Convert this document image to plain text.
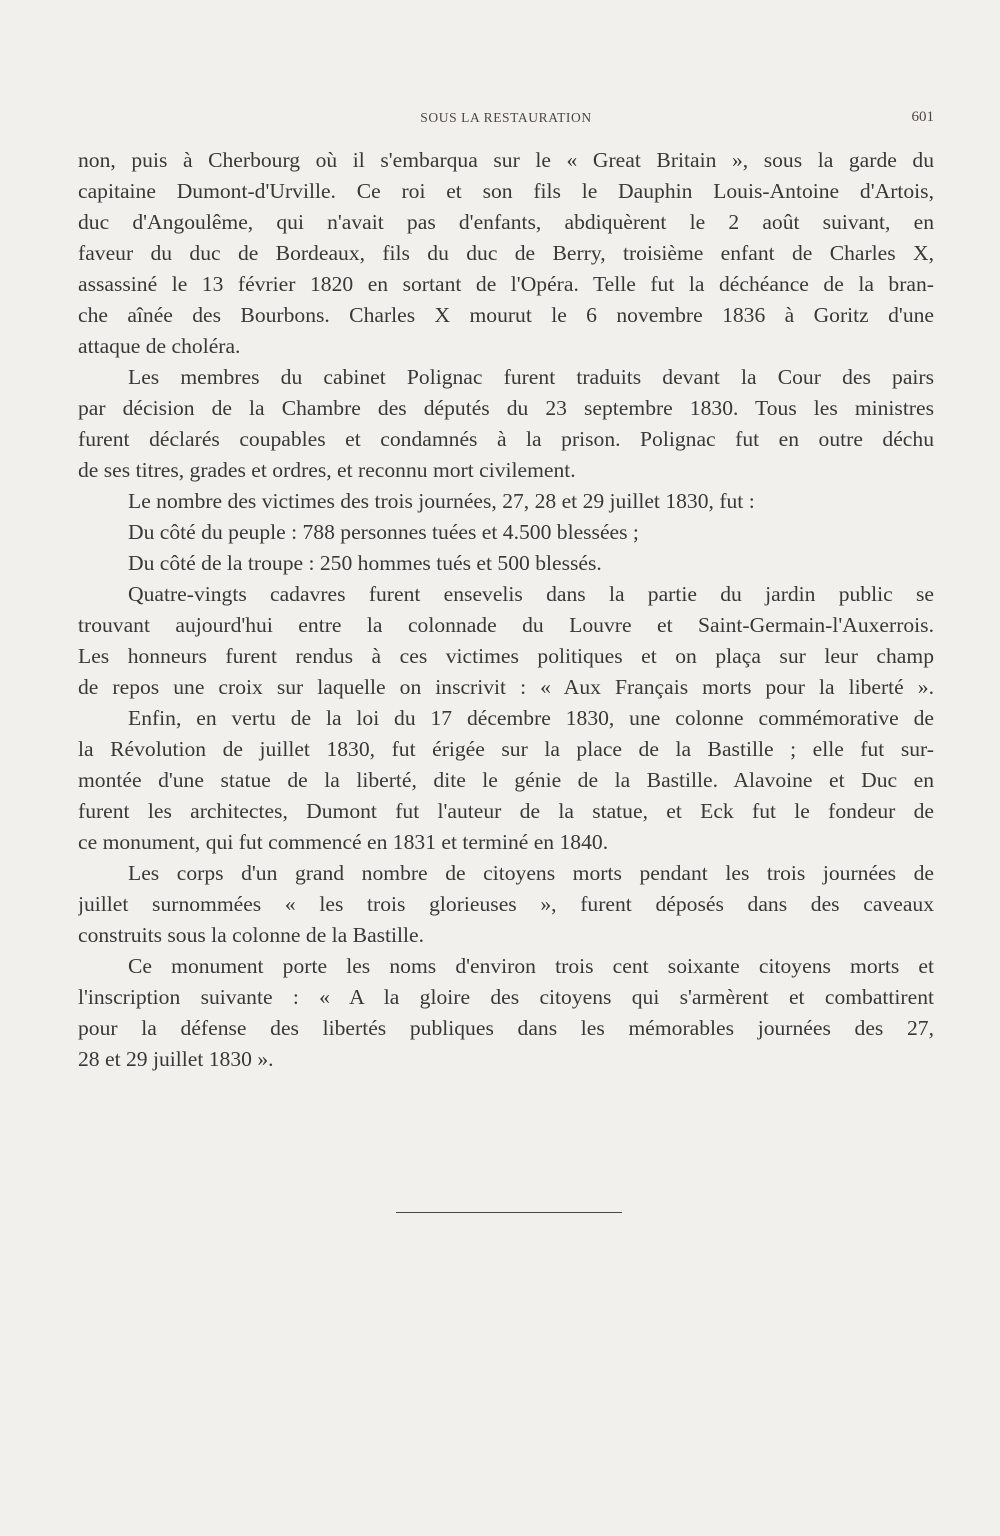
SOUS LA RESTAURATION	601
non, puis à Cherbourg où il s'embarqua sur le « Great Britain », sous la garde du
capitaine Dumont-d'Urville. Ce roi et son fils le Dauphin Louis-Antoine d'Artois,
duc d'Angoulême, qui n'avait pas d'enfants, abdiquèrent le 2 août suivant, en
faveur du duc de Bordeaux, fils du duc de Berry, troisième enfant de Charles X,
assassiné le 13 février 1820 en sortant de l'Opéra. Telle fut la déchéance de la bran-
che aînée des Bourbons. Charles X mourut le 6 novembre 1836 à Goritz d'une
attaque de choléra.
Les membres du cabinet Polignac furent traduits devant la Cour des pairs
par décision de la Chambre des députés du 23 septembre 1830. Tous les ministres
furent déclarés coupables et condamnés à la prison. Polignac fut en outre déchu
de ses titres, grades et ordres, et reconnu mort civilement.
Le nombre des victimes des trois journées, 27, 28 et 29 juillet 1830, fut :
Du côté du peuple : 788 personnes tuées et 4.500 blessées ;
Du côté de la troupe : 250 hommes tués et 500 blessés.
Quatre-vingts cadavres furent ensevelis dans la partie du jardin public se
trouvant aujourd'hui entre la colonnade du Louvre et Saint-Germain-l'Auxerrois.
Les honneurs furent rendus à ces victimes politiques et on plaça sur leur champ
de repos une croix sur laquelle on inscrivit : « Aux Français morts pour la liberté ».
Enfin, en vertu de la loi du 17 décembre 1830, une colonne commémorative de
la Révolution de juillet 1830, fut érigée sur la place de la Bastille ; elle fut sur-
montée d'une statue de la liberté, dite le génie de la Bastille. Alavoine et Duc en
furent les architectes, Dumont fut l'auteur de la statue, et Eck fut le fondeur de
ce monument, qui fut commencé en 1831 et terminé en 1840.
Les corps d'un grand nombre de citoyens morts pendant les trois journées de
juillet surnommées « les trois glorieuses », furent déposés dans des caveaux
construits sous la colonne de la Bastille.
Ce monument porte les noms d'environ trois cent soixante citoyens morts et
l'inscription suivante : « A la gloire des citoyens qui s'armèrent et combattirent
pour la défense des libertés publiques dans les mémorables journées des 27,
28 et 29 juillet 1830 ».
